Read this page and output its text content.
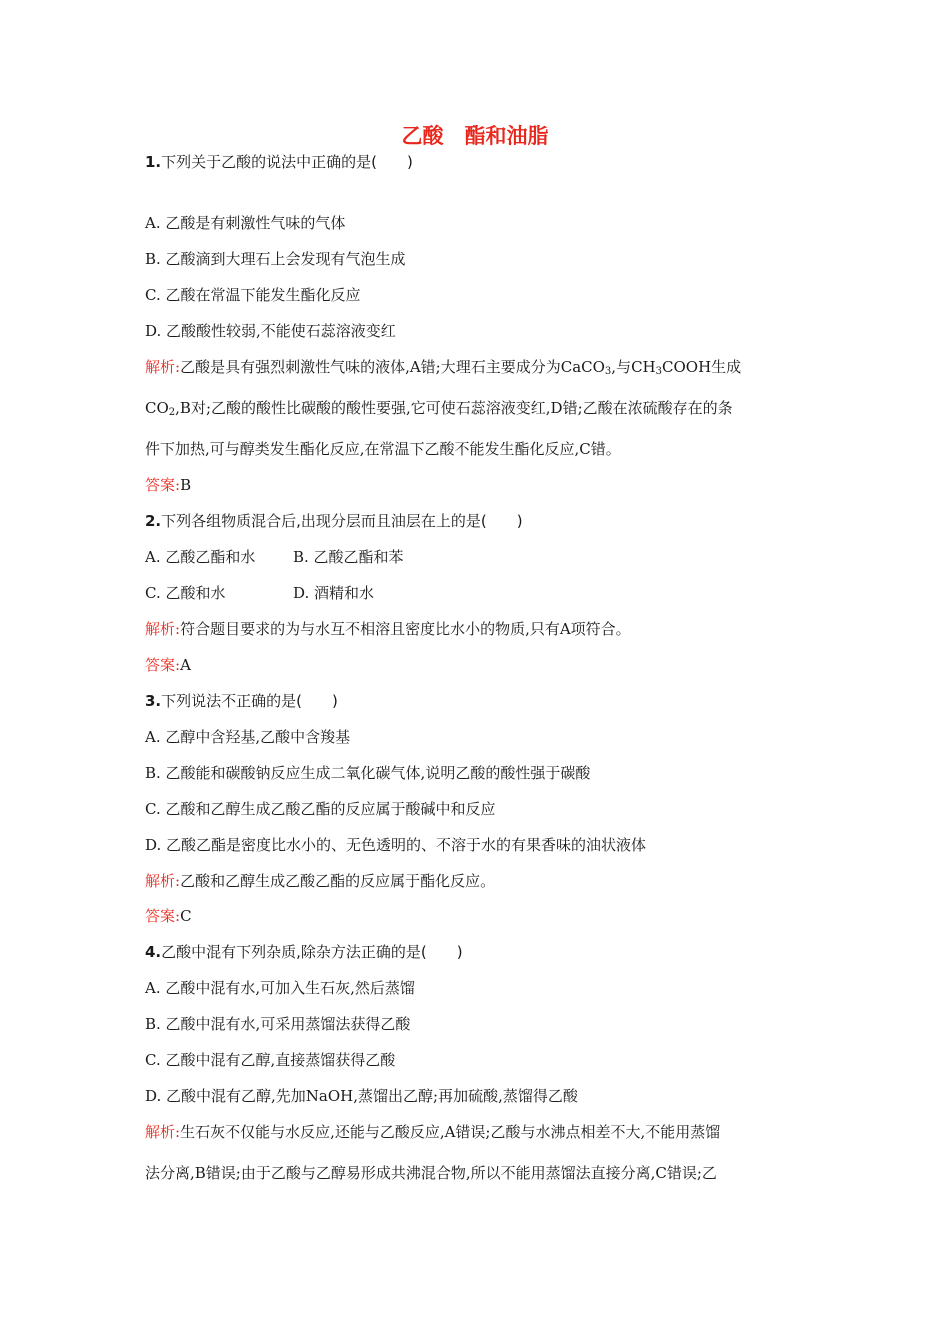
乙酸　酯和油脂
1.下列关于乙酸的说法中正确的是(　　)
A. 乙酸是有刺激性气味的气体
B. 乙酸滴到大理石上会发现有气泡生成
C. 乙酸在常温下能发生酯化反应
D. 乙酸酸性较弱,不能使石蕊溶液变红
解析:乙酸是具有强烈刺激性气味的液体,A错;大理石主要成分为CaCO$_3$,与$CH_3COOH$生成
$CO_2,B$对;乙酸的酸性比碳酸的酸性要强,它可使石蕊溶液变红,D错;乙酸在浓硫酸存在的条
件下加热,可与醇类发生酯化反应,在常温下乙酸不能发生酯化反应,C错。
答案:B
2.下列各组物质混合后,出现分层而且油层在上的是(　　)
A. 乙酸乙酯和水	B. 乙酸乙酯和苯
C. 乙酸和水	D. 酒精和水
解析:符合题目要求的为与水互不相溶且密度比水小的物质,只有A项符合。
答案:A
3.下列说法不正确的是(　　)
A. 乙醇中含羟基,乙酸中含羧基
B. 乙酸能和碳酸钠反应生成二氧化碳气体,说明乙酸的酸性强于碳酸
C. 乙酸和乙醇生成乙酸乙酯的反应属于酸碱中和反应
D. 乙酸乙酯是密度比水小的、无色透明的、不溶于水的有果香味的油状液体
解析:乙酸和乙醇生成乙酸乙酯的反应属于酯化反应。
答案:C
4.乙酸中混有下列杂质,除杂方法正确的是(　　)
A. 乙酸中混有水,可加入生石灰,然后蒸馏
B. 乙酸中混有水,可采用蒸馏法获得乙酸
C. 乙酸中混有乙醇,直接蒸馏获得乙酸
D. 乙酸中混有乙醇,先加NaOH,蒸馏出乙醇;再加硫酸,蒸馏得乙酸
解析:生石灰不仅能与水反应,还能与乙酸反应,A错误;乙酸与水沸点相差不大,不能用蒸馏
法分离,B错误;由于乙酸与乙醇易形成共沸混合物,所以不能用蒸馏法直接分离,C错误;乙
